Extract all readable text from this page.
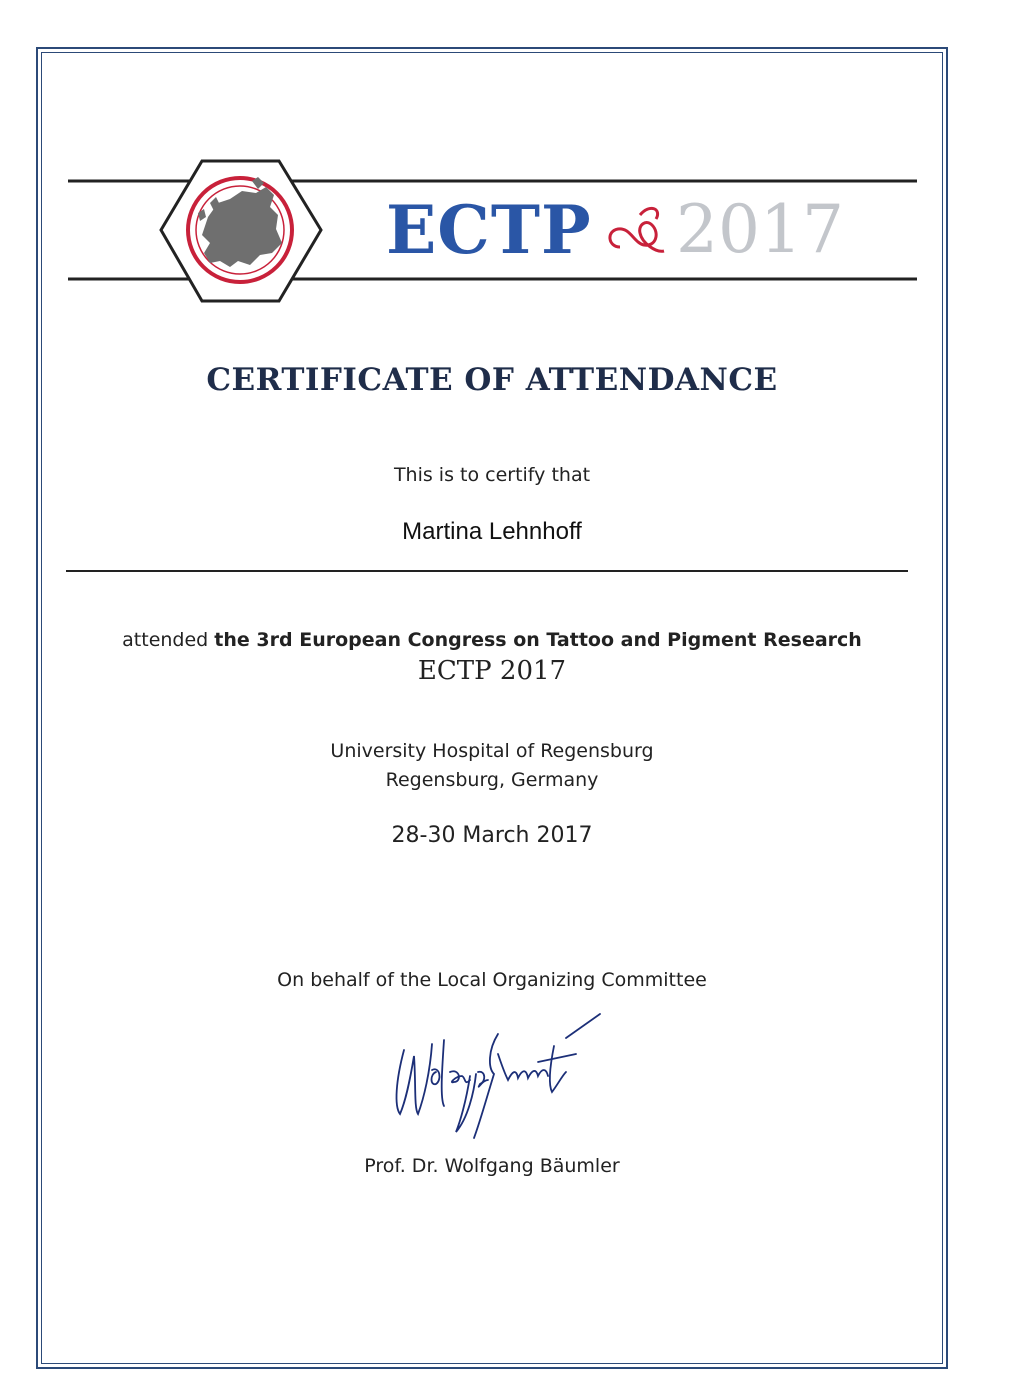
ECTP 2017
CERTIFICATE OF ATTENDANCE
This is to certify that
Martina Lehnhoff
attended the 3rd European Congress on Tattoo and Pigment Research
ECTP 2017
University Hospital of Regensburg
Regensburg, Germany
28-30 March 2017
On behalf of the Local Organizing Committee
Prof. Dr. Wolfgang Bäumler
